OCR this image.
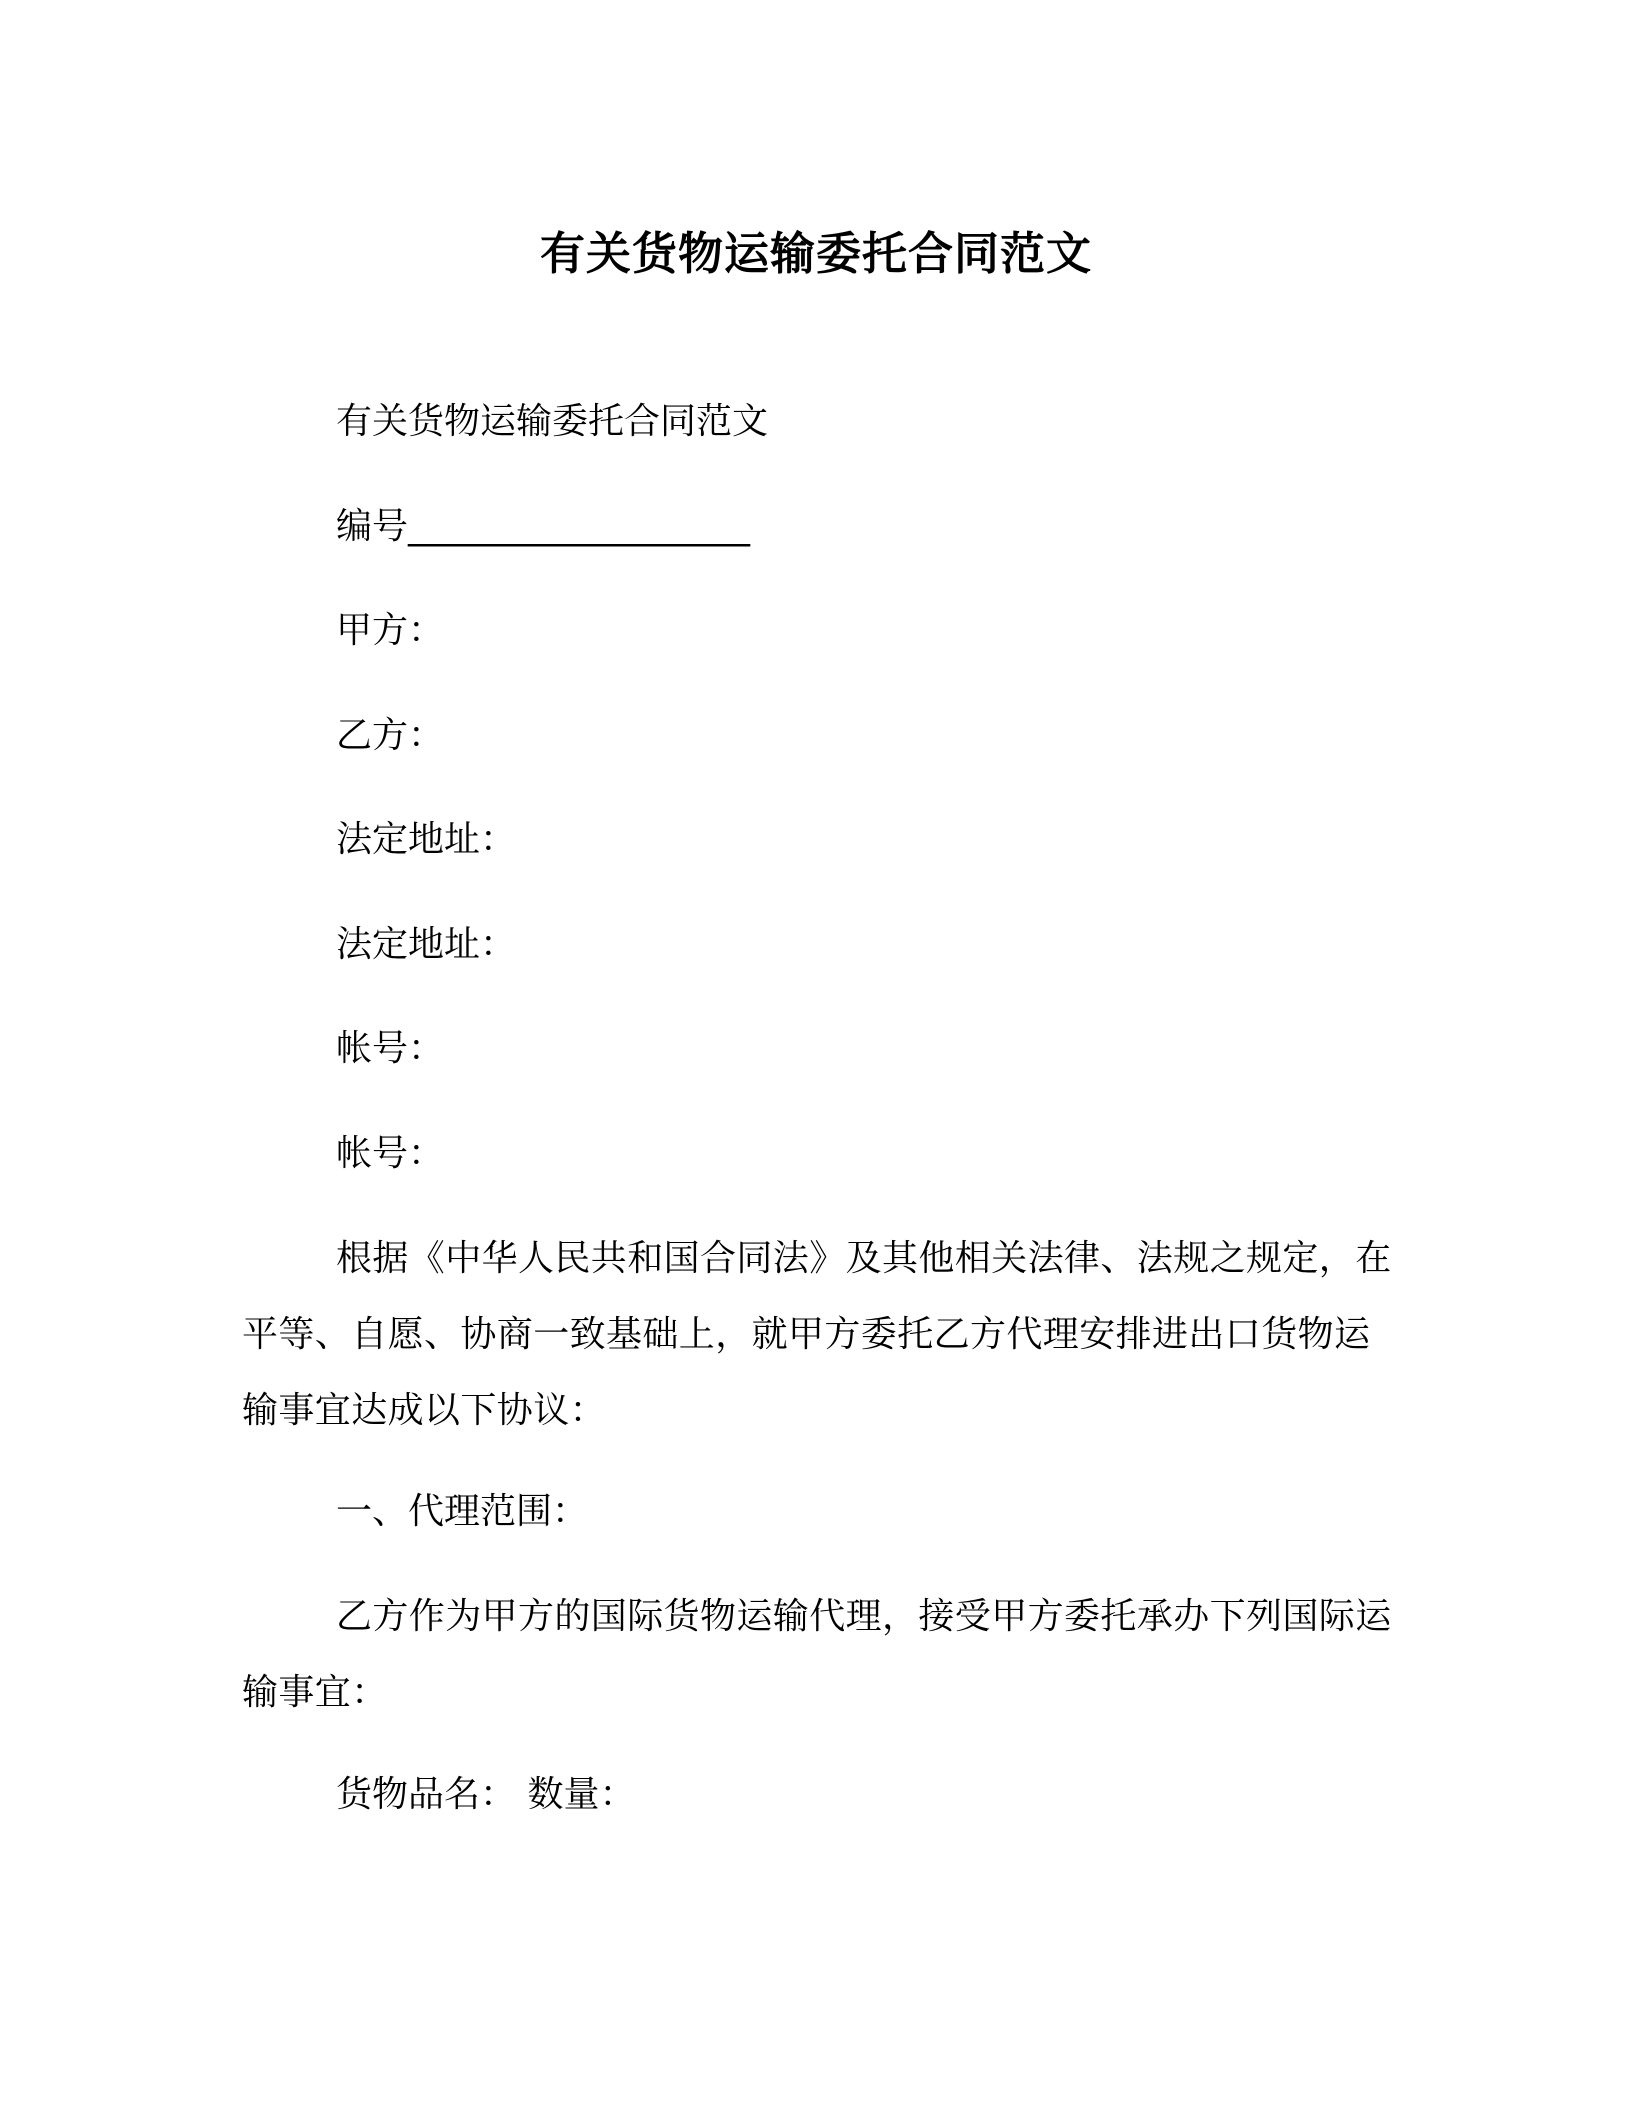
有关货物运输委托合同范文
有关货物运输委托合同范文
编号___________________
甲方：
乙方：
法定地址：
法定地址：
帐号：
帐号：
根据《中华人民共和国合同法》及其他相关法律、法规之规定，在平等、自愿、协商一致基础上，就甲方委托乙方代理安排进出口货物运输事宜达成以下协议：
一、代理范围：
乙方作为甲方的国际货物运输代理，接受甲方委托承办下列国际运输事宜：
货物品名： 数量：
